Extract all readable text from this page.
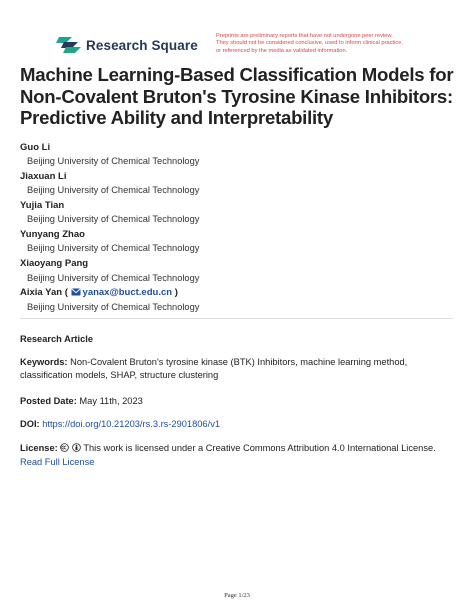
Research Square
Preprints are preliminary reports that have not undergone peer review.
They should not be considered conclusive, used to inform clinical practice,
or referenced by the media as validated information.
Machine Learning-Based Classification Models for
Non-Covalent Bruton's Tyrosine Kinase Inhibitors:
Predictive Ability and Interpretability
Guo Li
Beijing University of Chemical Technology
Jiaxuan Li
Beijing University of Chemical Technology
Yujia Tian
Beijing University of Chemical Technology
Yunyang Zhao
Beijing University of Chemical Technology
Xiaoyang Pang
Beijing University of Chemical Technology
Aixia Yan ( yanax@buct.edu.cn )
Beijing University of Chemical Technology
Research Article
Keywords: Non-Covalent Bruton's tyrosine kinase (BTK) Inhibitors, machine learning method,
classification models, SHAP, structure clustering
Posted Date: May 11th, 2023
DOI: https://doi.org/10.21203/rs.3.rs-2901806/v1
License:	This work is licensed under a Creative Commons Attribution 4.0 International License.
Read Full License
Page 1/23
